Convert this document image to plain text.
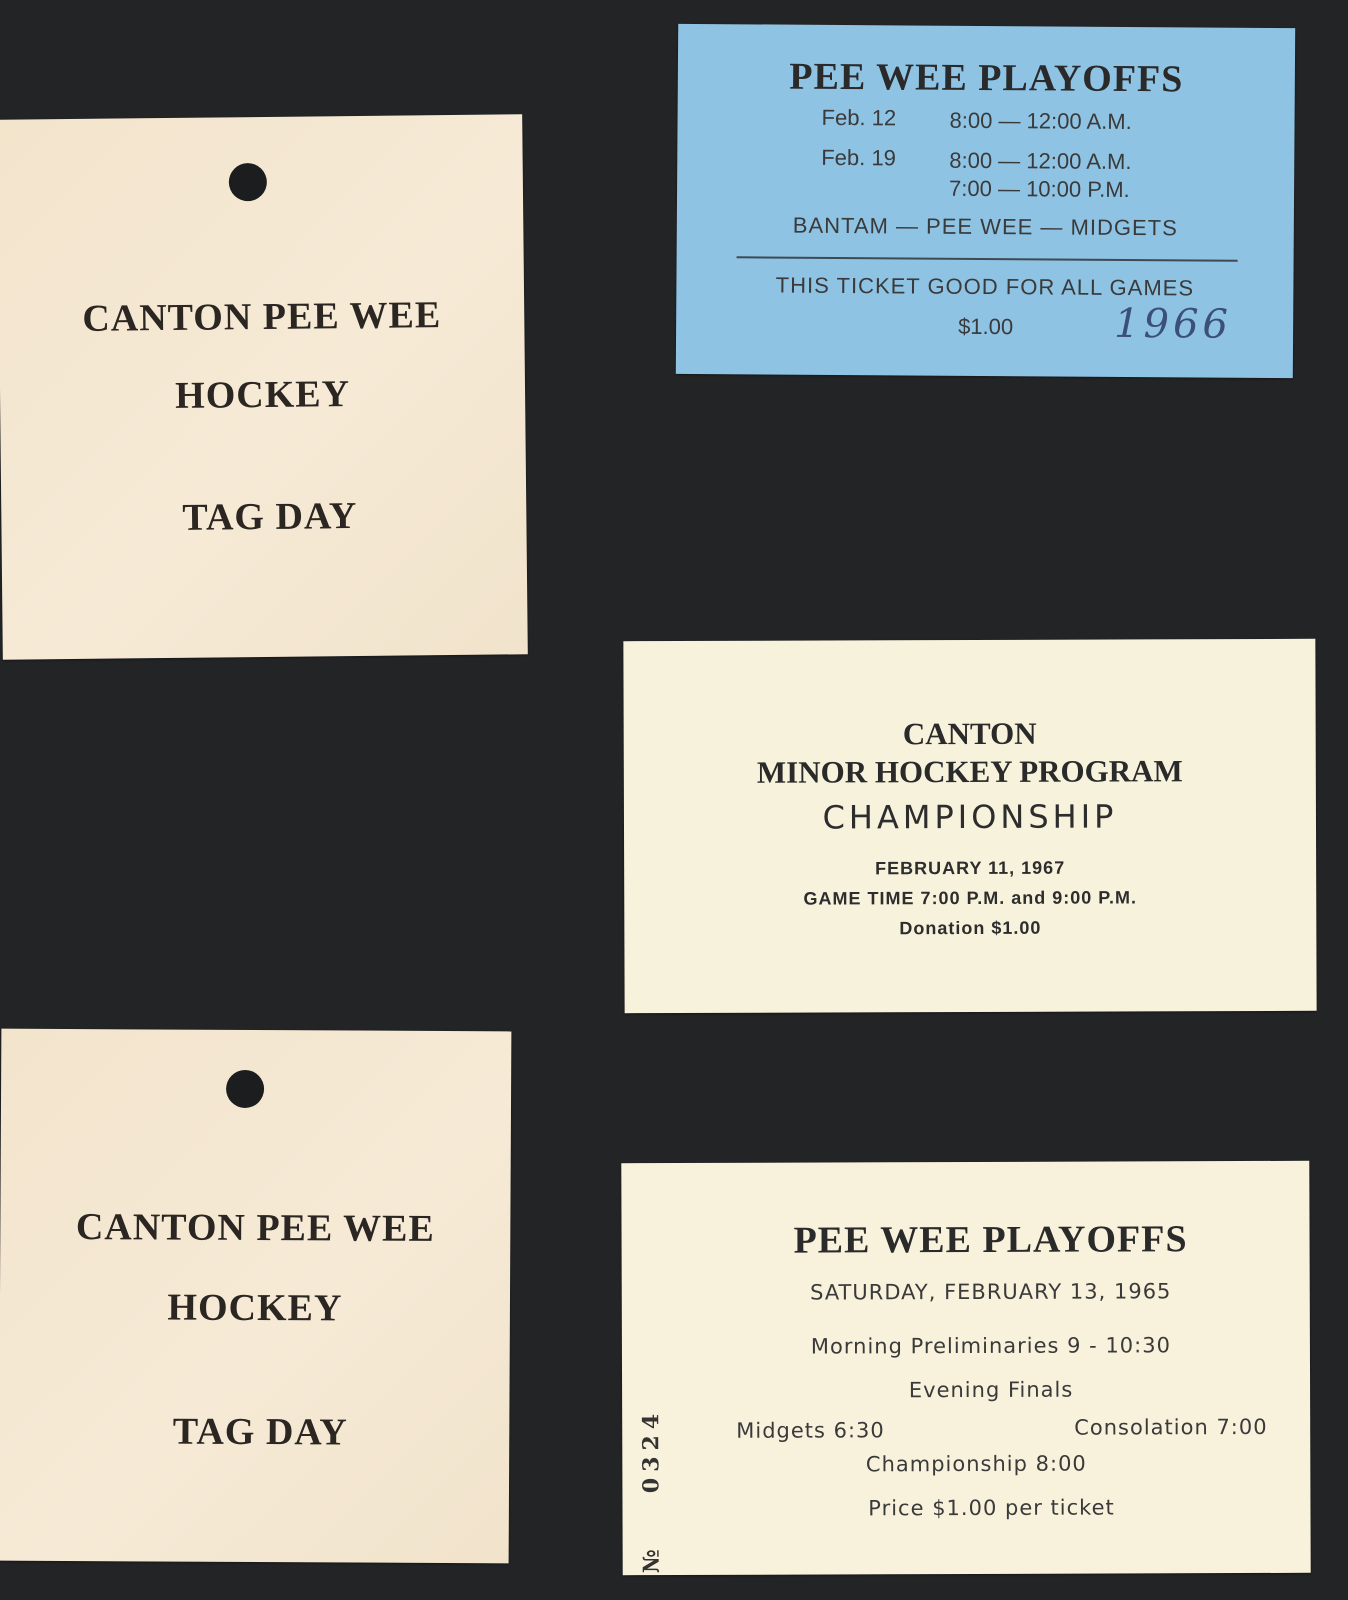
CANTON PEE WEE
HOCKEY
TAG DAY
PEE WEE PLAYOFFS
Feb. 12 8:00 — 12:00 A.M.
Feb. 19 8:00 — 12:00 A.M.
7:00 — 10:00 P.M.
BANTAM — PEE WEE — MIDGETS
THIS TICKET GOOD FOR ALL GAMES
$1.00	1966
CANTON
MINOR HOCKEY PROGRAM
CHAMPIONSHIP
FEBRUARY 11, 1967
GAME TIME 7:00 P.M. and 9:00 P.M.
Donation $1.00
CANTON PEE WEE
HOCKEY
TAG DAY
PEE WEE PLAYOFFS
SATURDAY, FEBRUARY 13, 1965
Morning Preliminaries 9 - 10:30
Evening Finals
Midgets 6:30	Consolation 7:00
Championship 8:00
Price $1.00 per ticket
№
0324
